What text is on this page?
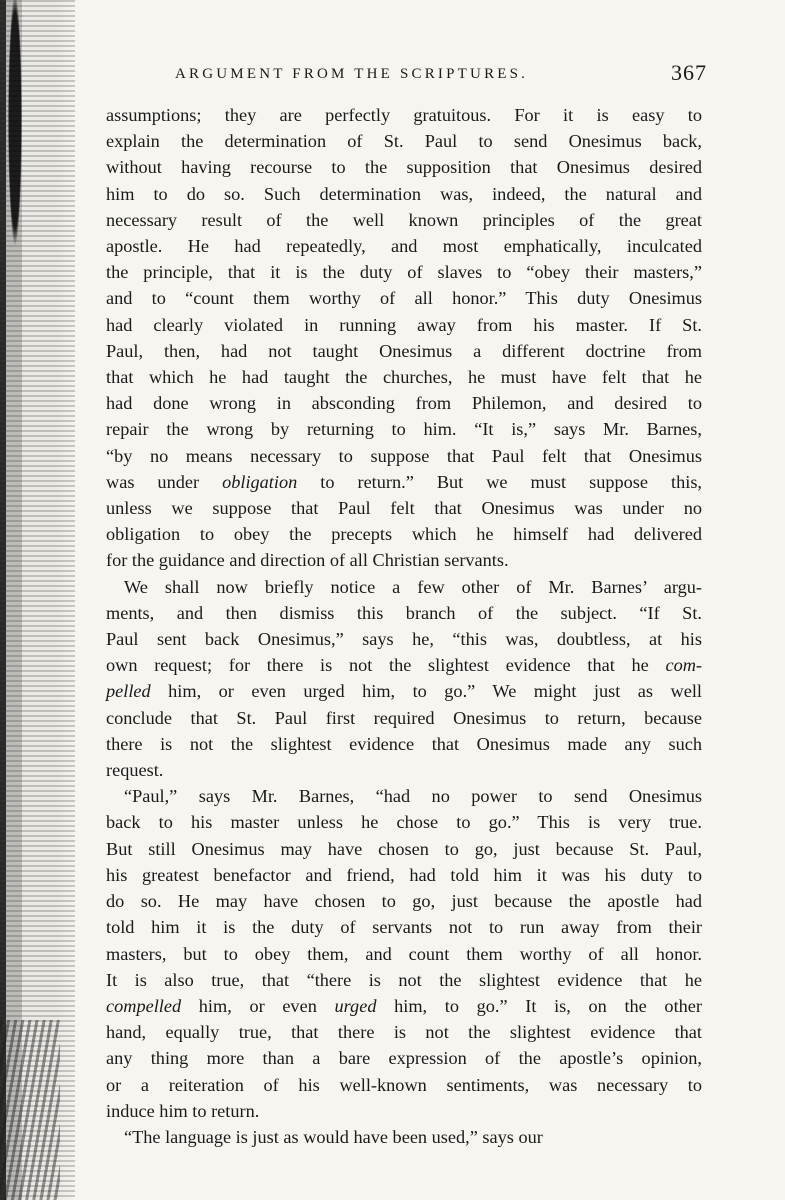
ARGUMENT FROM THE SCRIPTURES.	367

assumptions; they are perfectly gratuitous. For it is easy to
explain the determination of St. Paul to send Onesimus back,
without having recourse to the supposition that Onesimus desired
him to do so. Such determination was, indeed, the natural and
necessary result of the well known principles of the great
apostle. He had repeatedly, and most emphatically, inculcated
the principle, that it is the duty of slaves to “obey their masters,”
and to “count them worthy of all honor.” This duty Onesimus
had clearly violated in running away from his master. If St.
Paul, then, had not taught Onesimus a different doctrine from
that which he had taught the churches, he must have felt that he
had done wrong in absconding from Philemon, and desired to
repair the wrong by returning to him. “It is,” says Mr. Barnes,
“by no means necessary to suppose that Paul felt that Onesimus
was under obligation to return.” But we must suppose this,
unless we suppose that Paul felt that Onesimus was under no
obligation to obey the precepts which he himself had delivered
for the guidance and direction of all Christian servants.

We shall now briefly notice a few other of Mr. Barnes’ argu-
ments, and then dismiss this branch of the subject. “If St.
Paul sent back Onesimus,” says he, “this was, doubtless, at his
own request; for there is not the slightest evidence that he com-
pelled him, or even urged him, to go.” We might just as well
conclude that St. Paul first required Onesimus to return, because
there is not the slightest evidence that Onesimus made any such
request.

“Paul,” says Mr. Barnes, “had no power to send Onesimus
back to his master unless he chose to go.” This is very true.
But still Onesimus may have chosen to go, just because St. Paul,
his greatest benefactor and friend, had told him it was his duty to
do so. He may have chosen to go, just because the apostle had
told him it is the duty of servants not to run away from their
masters, but to obey them, and count them worthy of all honor.
It is also true, that “there is not the slightest evidence that he
compelled him, or even urged him, to go.” It is, on the other
hand, equally true, that there is not the slightest evidence that
any thing more than a bare expression of the apostle’s opinion,
or a reiteration of his well-known sentiments, was necessary to
induce him to return.

“The language is just as would have been used,” says our
